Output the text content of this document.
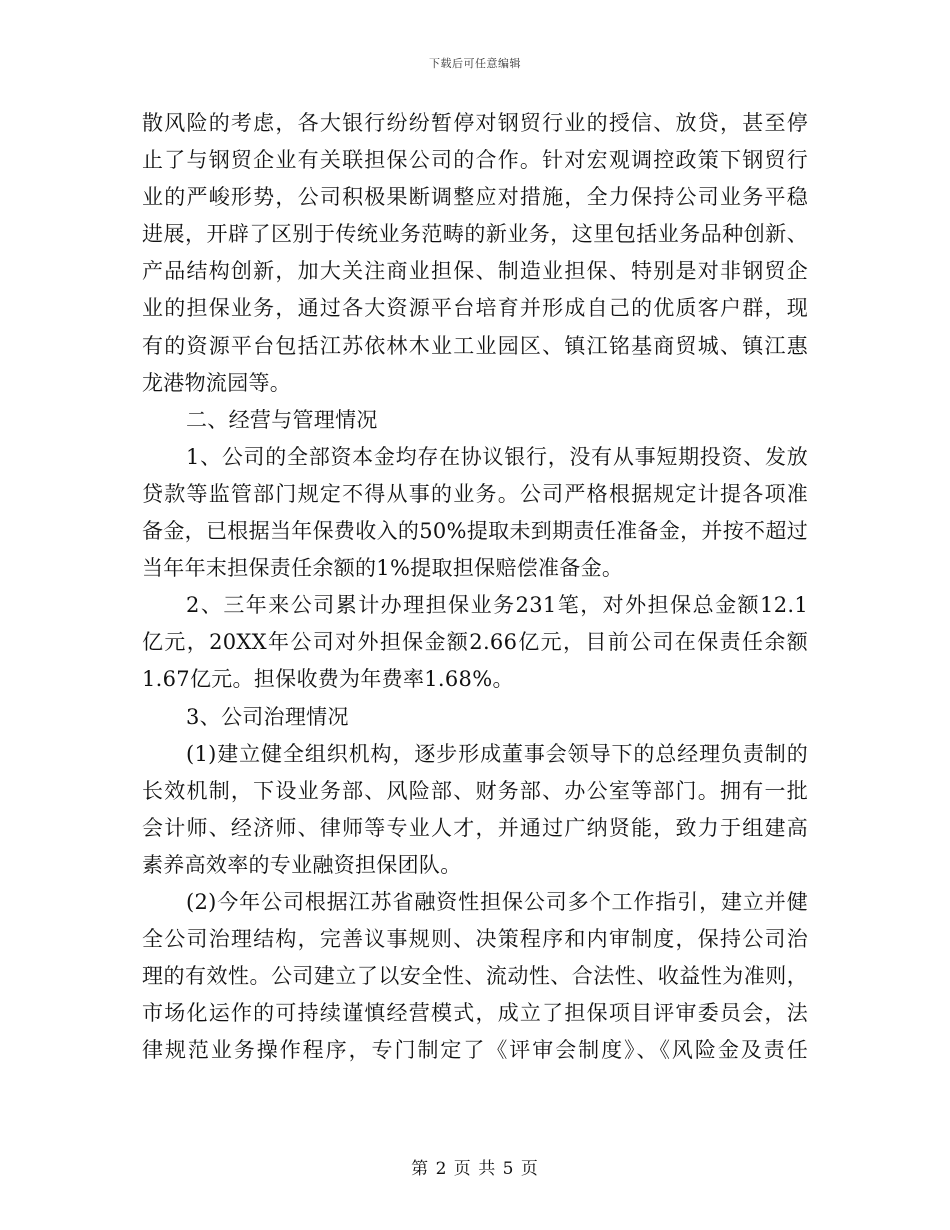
下载后可任意编辑
散风险的考虑，各大银行纷纷暂停对钢贸行业的授信、放贷，甚至停
止了与钢贸企业有关联担保公司的合作。针对宏观调控政策下钢贸行
业的严峻形势，公司积极果断调整应对措施，全力保持公司业务平稳
进展，开辟了区别于传统业务范畴的新业务，这里包括业务品种创新、
产品结构创新，加大关注商业担保、制造业担保、特别是对非钢贸企
业的担保业务，通过各大资源平台培育并形成自己的优质客户群，现
有的资源平台包括江苏依林木业工业园区、镇江铭基商贸城、镇江惠
龙港物流园等。
二、经营与管理情况
1、公司的全部资本金均存在协议银行，没有从事短期投资、发放
贷款等监管部门规定不得从事的业务。公司严格根据规定计提各项准
备金，已根据当年保费收入的50%提取未到期责任准备金，并按不超过
当年年末担保责任余额的1%提取担保赔偿准备金。
2、三年来公司累计办理担保业务231笔，对外担保总金额12.1
亿元，20XX年公司对外担保金额2.66亿元，目前公司在保责任余额
1.67亿元。担保收费为年费率1.68%。
3、公司治理情况
(1)建立健全组织机构，逐步形成董事会领导下的总经理负责制的
长效机制，下设业务部、风险部、财务部、办公室等部门。拥有一批
会计师、经济师、律师等专业人才，并通过广纳贤能，致力于组建高
素养高效率的专业融资担保团队。
(2)今年公司根据江苏省融资性担保公司多个工作指引，建立并健
全公司治理结构，完善议事规则、决策程序和内审制度，保持公司治
理的有效性。公司建立了以安全性、流动性、合法性、收益性为准则，
市场化运作的可持续谨慎经营模式，成立了担保项目评审委员会，法
律规范业务操作程序，专门制定了《评审会制度》、《风险金及责任
第 2 页 共 5 页
